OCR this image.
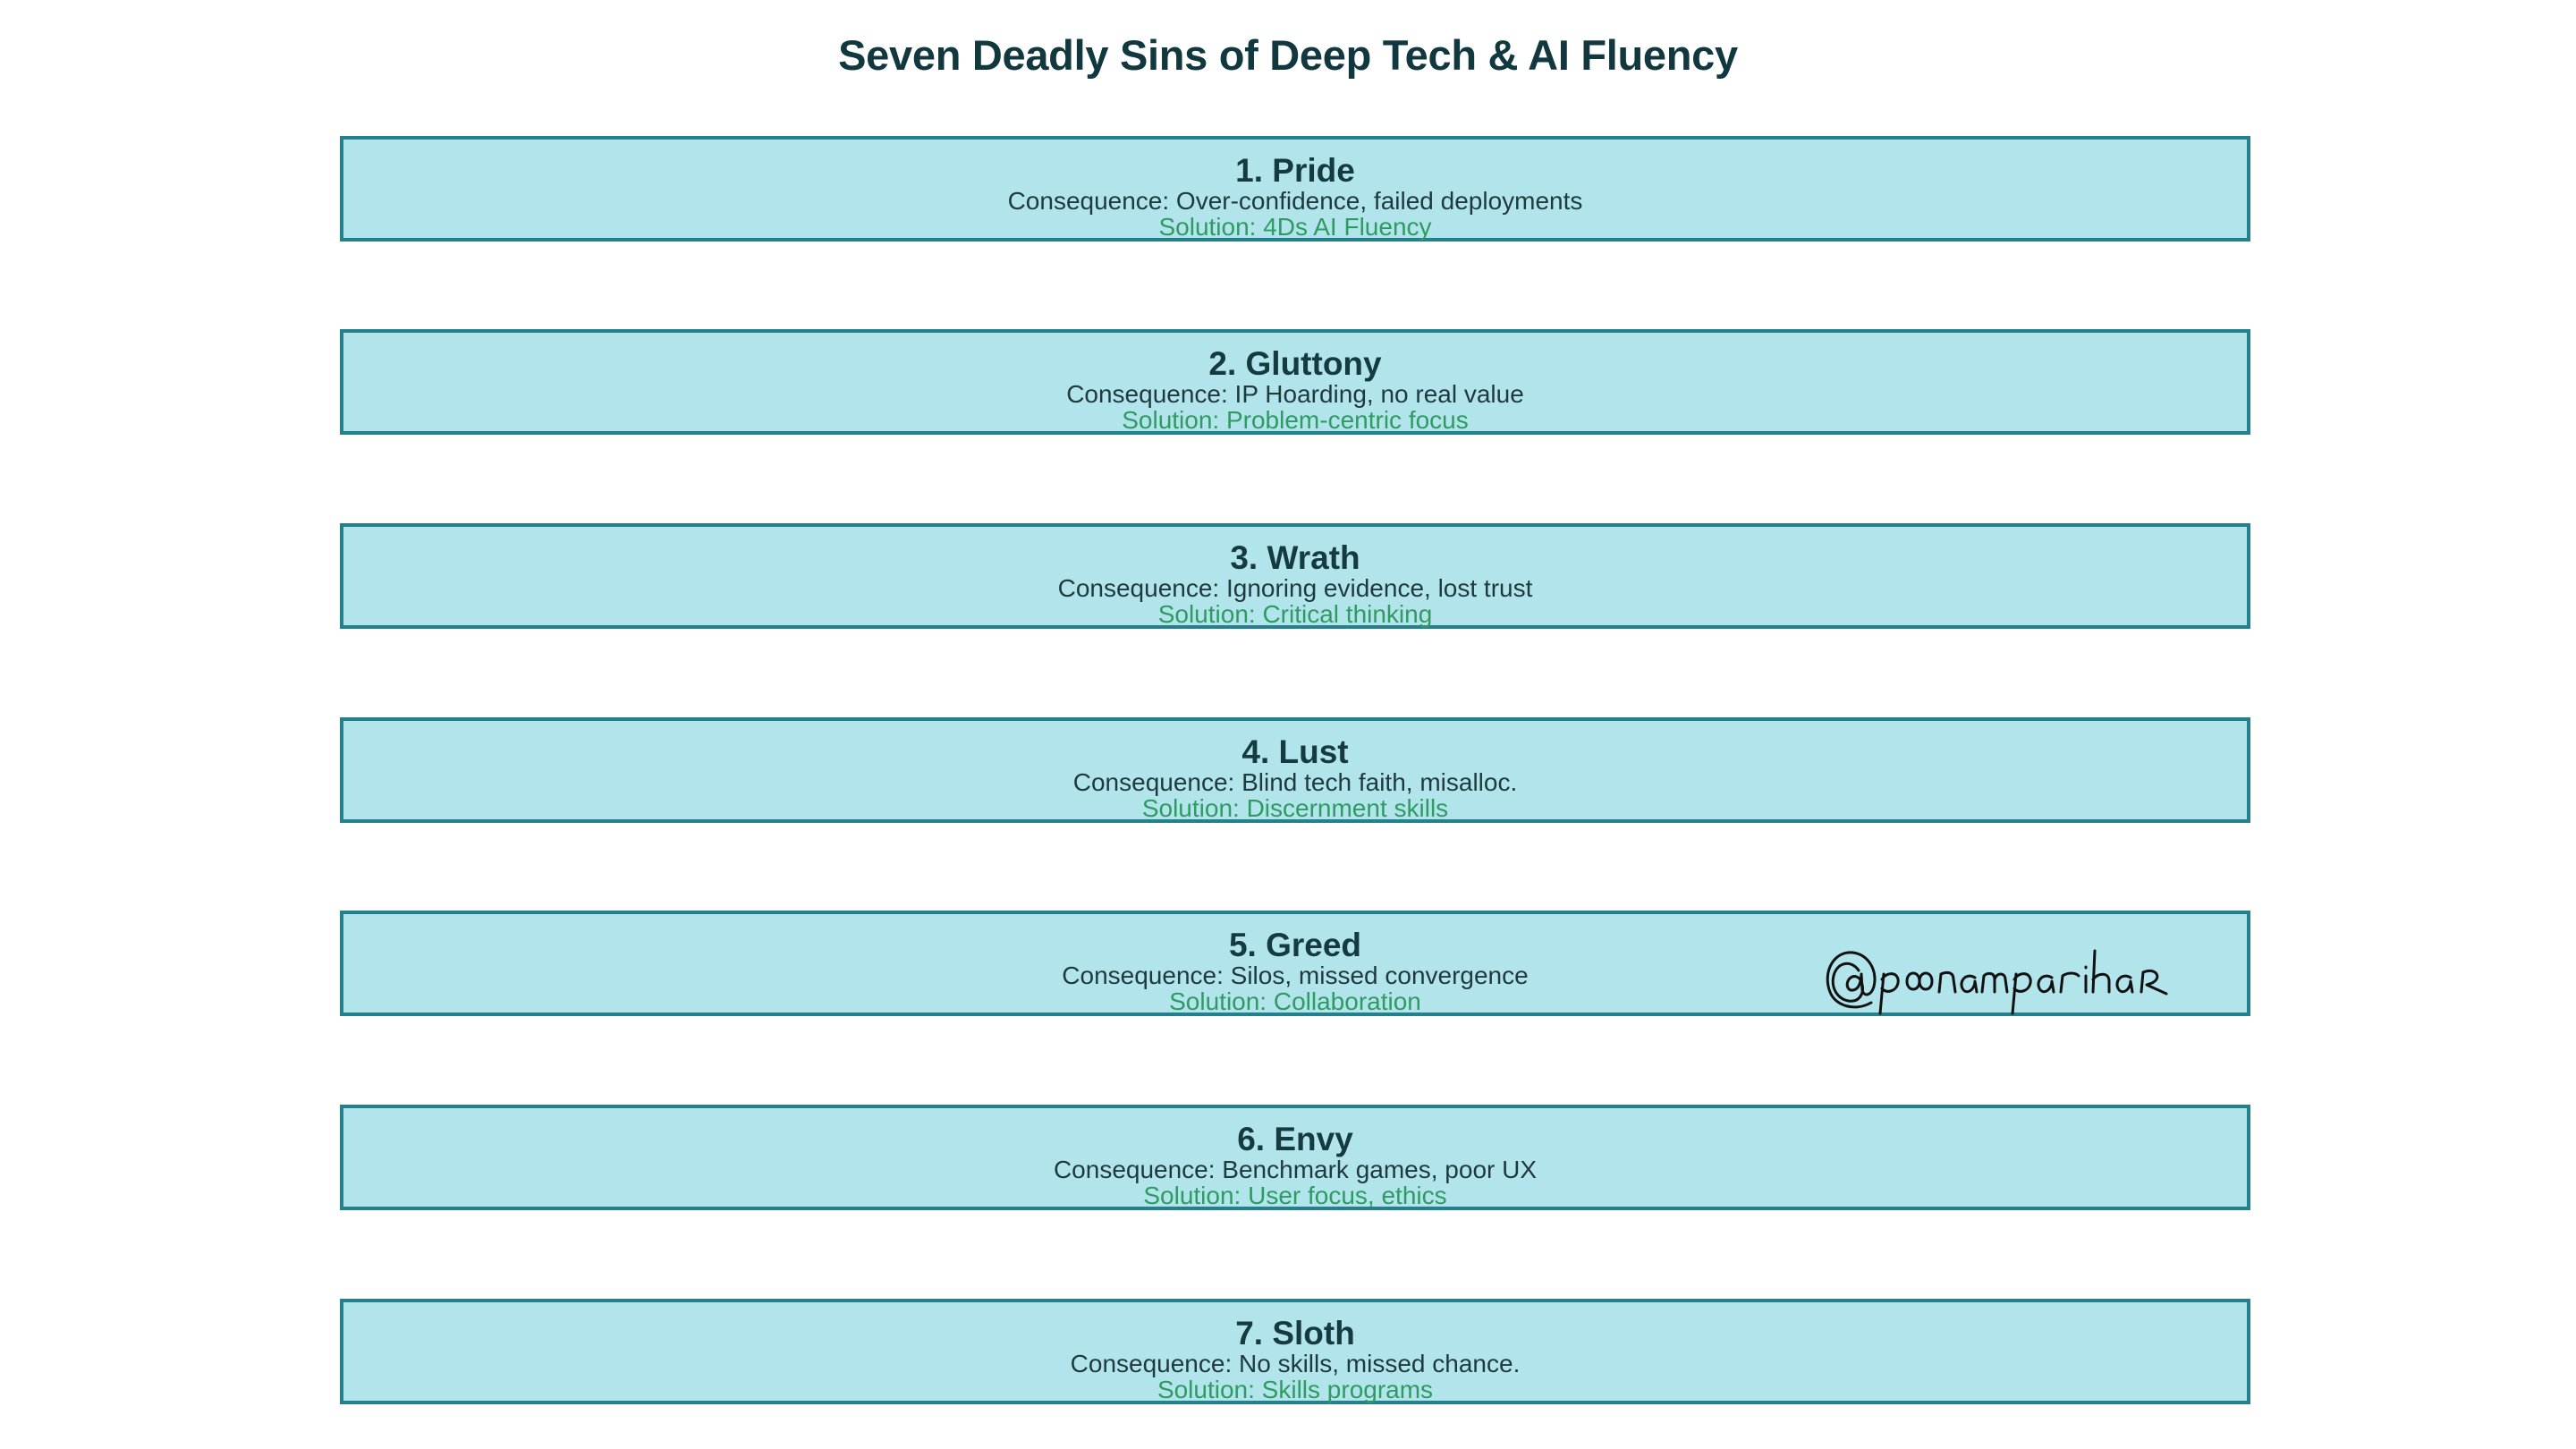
Seven Deadly Sins of Deep Tech & AI Fluency
1. Pride
Consequence: Over-confidence, failed deployments
Solution: 4Ds AI Fluency
2. Gluttony
Consequence: IP Hoarding, no real value
Solution: Problem-centric focus
3. Wrath
Consequence: Ignoring evidence, lost trust
Solution: Critical thinking
4. Lust
Consequence: Blind tech faith, misalloc.
Solution: Discernment skills
5. Greed
Consequence: Silos, missed convergence
Solution: Collaboration
6. Envy
Consequence: Benchmark games, poor UX
Solution: User focus, ethics
7. Sloth
Consequence: No skills, missed chance.
Solution: Skills programs
